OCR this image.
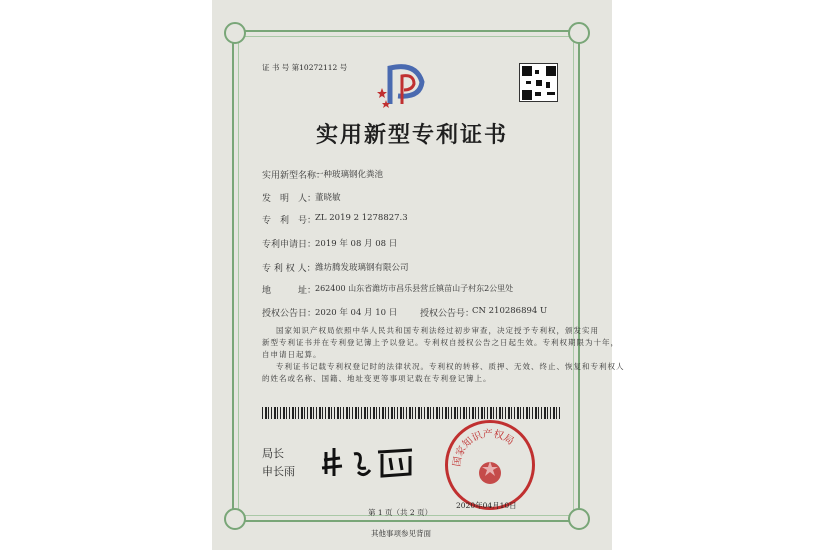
证 书 号 第10272112 号
实用新型专利证书
实用新型名称：
一种玻璃钢化粪池
发　明　人：
董晓敏
专　利　号：
ZL 2019 2 1278827.3
专利申请日：
2019 年 08 月 08 日
专 利 权 人： 潍坊腾发玻璃钢有限公司
地　　　址：
262400 山东省潍坊市昌乐县营丘镇苗山子村东2公里处
授权公告日：
2020 年 04 月 10 日	授权公告号：
CN 210286894 U
国家知识产权局依照中华人民共和国专利法经过初步审查，决定授予专利权，颁发实用
新型专利证书并在专利登记簿上予以登记。专利权自授权公告之日起生效。专利权期限为十年，
自申请日起算。
专利证书记载专利权登记时的法律状况。专利权的转移、质押、无效、终止、恢复和专利权人
的姓名或名称、国籍、地址变更等事项记载在专利登记簿上。
局长
申长雨
国家知识产权局
2020年04月10日
第 1 页（共 2 页）
其他事项参见背面
